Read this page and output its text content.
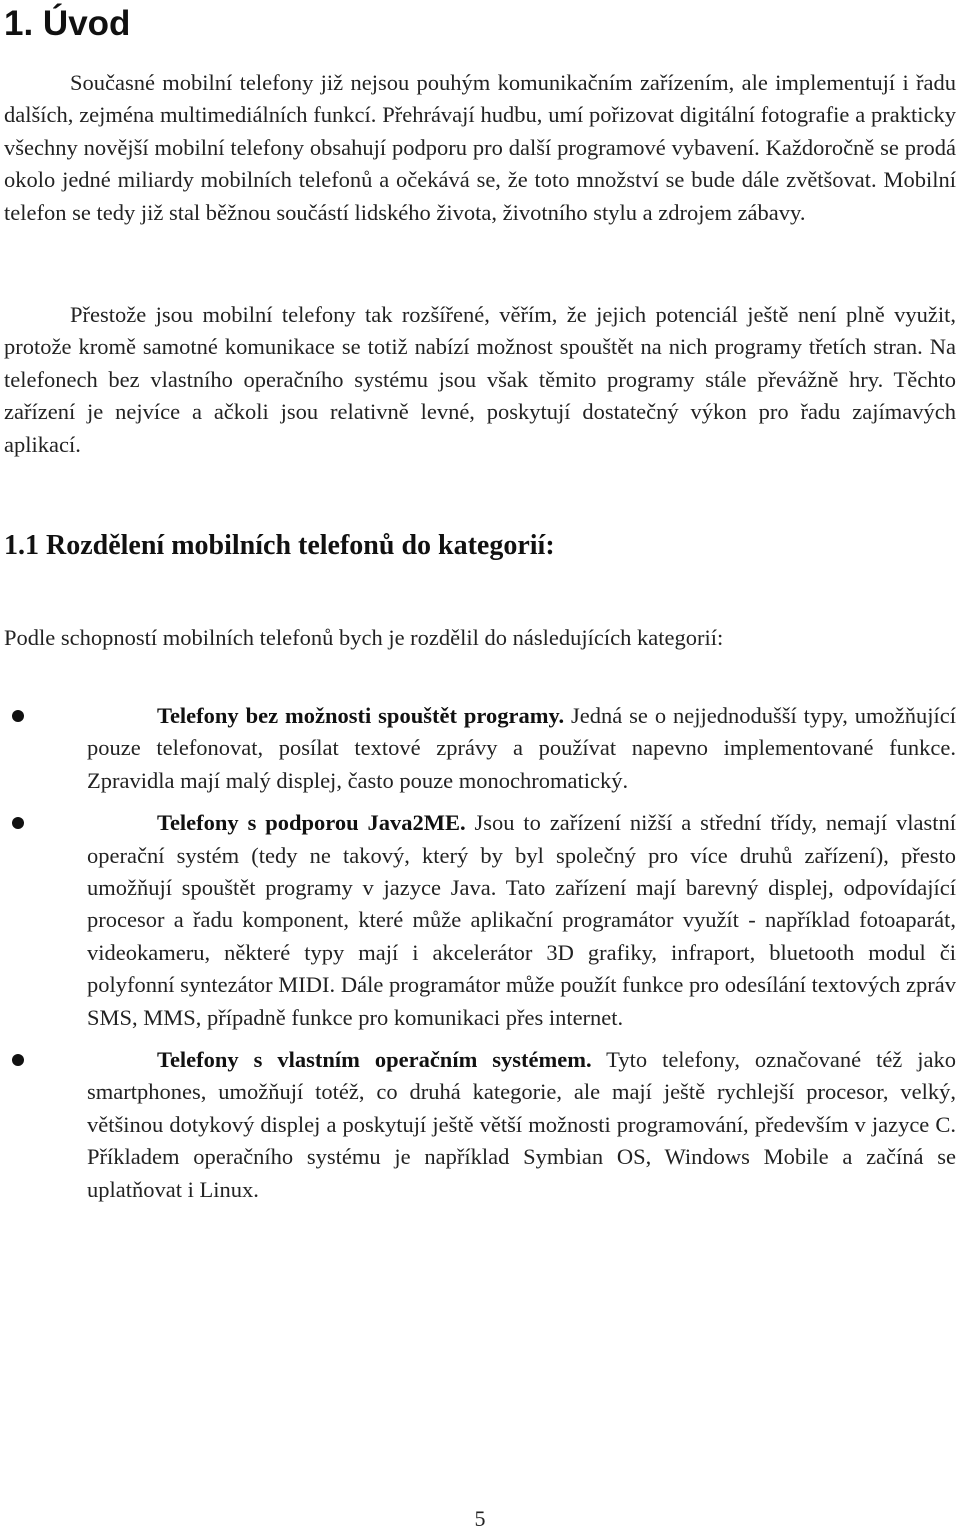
1. Úvod

Současné mobilní telefony již nejsou pouhým komunikačním zařízením, ale implementují i řadu dalších, zejména multimediálních funkcí. Přehrávají hudbu, umí pořizovat digitální fotografie a prakticky všechny novější mobilní telefony obsahují podporu pro další programové vybavení. Každoročně se prodá okolo jedné miliardy mobilních telefonů a očekává se, že toto množství se bude dále zvětšovat. Mobilní telefon se tedy již stal běžnou součástí lidského života, životního stylu a zdrojem zábavy.

Přestože jsou mobilní telefony tak rozšířené, věřím, že jejich potenciál ještě není plně využit, protože kromě samotné komunikace se totiž nabízí možnost spouštět na nich programy třetích stran. Na telefonech bez vlastního operačního systému jsou však těmito programy stále převážně hry. Těchto zařízení je nejvíce a ačkoli jsou relativně levné, poskytují dostatečný výkon pro řadu zajímavých aplikací.

1.1 Rozdělení mobilních telefonů do kategorií:

Podle schopností mobilních telefonů bych je rozdělil do následujících kategorií:

Telefony bez možnosti spouštět programy. Jedná se o nejjednodušší typy, umožňující pouze telefonovat, posílat textové zprávy a používat napevno implementované funkce. Zpravidla mají malý displej, často pouze monochromatický.

Telefony s podporou Java2ME. Jsou to zařízení nižší a střední třídy, nemají vlastní operační systém (tedy ne takový, který by byl společný pro více druhů zařízení), přesto umožňují spouštět programy v jazyce Java. Tato zařízení mají barevný displej, odpovídající procesor a řadu komponent, které může aplikační programátor využít - například fotoaparát, videokameru, některé typy mají i akcelerátor 3D grafiky, infraport, bluetooth modul či polyfonní syntezátor MIDI. Dále programátor může použít funkce pro odesílání textových zpráv SMS, MMS, případně funkce pro komunikaci přes internet.

Telefony s vlastním operačním systémem. Tyto telefony, označované též jako smartphones, umožňují totéž, co druhá kategorie, ale mají ještě rychlejší procesor, velký, většinou dotykový displej a poskytují ještě větší možnosti programování, především v jazyce C. Příkladem operačního systému je například Symbian OS, Windows Mobile a začíná se uplatňovat i Linux.

5
